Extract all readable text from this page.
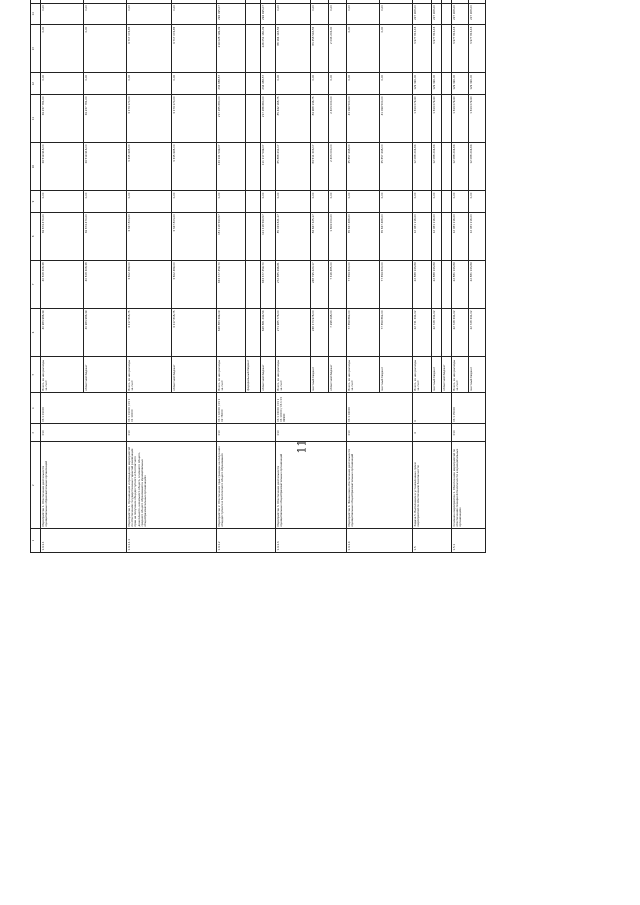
11
1	2	3	4	5	6	7	8	9	10	11	12	13	14											
1.4.1.1	Мероприятие 1. Обеспечение деятельности муниципальных образовательных организаций	010	03 1 01000	Всего, из них расходы за счет:	40 983 986,39	40 508 308,38	39 674 470,00	0,00	39 519 916,00	39 237 781,00	0,00	0,00	0,00											
				областной бюджет	40 983 986,39	40 508 308,38	39 674 470,00	0,00	39 519 916,00	39 237 781,00	0,00	0,00	0,00	
1.4.1.1.1	Мероприятие 1. Организация и проведение мероприятий по обеспечению государственных гарантий реализации прав на получение общедоступного и бесплатного дошкольного, начального общего, основного общего, среднего общего образования в муниципальных общеобразовательных организациях	010	03 1 01000 / 03 1 01 10000	Всего, из них расходы за счет:	4 117 818,75	3 602 489,00	3 337 803,00	0,00	3 335 995,00	3 174 170,00	0,00	4 717 074,65	0,00											
				областной бюджет	4 117 818,75	3 602 489,00	3 337 803,00	0,00	3 335 995,00	3 174 170,00	0,00	4 717 074,65	0,00	
1.4.1.2	Мероприятие 2. Обеспечение прав граждан на получение общедоступного и бесплатного общего образования	010	03 1 02000 / 03 1 02 76000	Всего, из них расходы за счет:	628 883 399,09	633 377 459,70	151 118 590,57	0,00	134 141 549,07	217 285 680,00	233 888,57	219 028 199,09	294 095,07											
				федеральный бюджет																				
				областной бюджет	628 881 242,54	633 377 459,70	111 118 590,57	0,00	111 117 549,07	217 286 660,00	234 456,57	226 051 160,09	294 495,07	
1.4.1.3	Мероприятие 3. Обеспечение деятельности муниципальных общеобразовательных организаций	010	03 1 03000 / 03 1 03 10000 / 03 1 03 99990	Всего, из них расходы за счет:	271 985 776,00	272 885 296,81	85 033 821,17	0,00	85 888 431,17	85 442 168,75	0,00	88 164 118,55	0,00											
				местный бюджет	248 173 978,00	248 795 220,17	84 647 325,17	0,00	84 511 303,17	84 968 136,75	0,00	83 358 516,55	0,00	
				областной бюджет	7 298 298,00	7 316 485,00	1 609 000,00	0,00	2 403 000,00	2 403 000,00	0,00	2 043 203,00	0,00	
1.4.1.4	Мероприятие 4. Финансовое обеспечение деятельности муниципальных общеобразовательных организаций	010	03 1 04000	Всего, из них расходы за счет:	77 659 862,00	77 659 600,00	35 637 468,00	0,00	35 657 448,00	41 099 500,00	0,00	0,00	0,00											
				местный бюджет	77 659 862,00	77 659 600,00	35 637 468,00	0,00	35 657 448,00	41 099 500,00	0,00	0,00	0,00	
1.5	Задача 5. Выполнение в установленные сроки мероприятий по обеспечению безопасности	Х	Х	Всего, из них расходы за счет:	22 731 341,02	22 888 143,89	12 081 116,00	0,00	12 088 204,64	1 614 079,90	129 390,00	3 977 813,16	227 908,00											
				местный бюджет	22 728 341,02	22 888 143,89	12 081 116,00	0,00	12 088 204,64	1 614 079,90	129 390,00	3 977 813,16	227 908,00	
				областной бюджет																				
1.5.1	Основное мероприятие 1. Обеспечение мероприятий по обеспечению пожарной безопасности в муниципальных организациях	010	03 1 05000	Всего, из них расходы за счет:	22 728 341,02	22 881 143,89	12 081 116,00	0,00	12 088 204,64	1 614 079,90	129 390,00	3 977 813,16	227 908,00											
				местный бюджет	22 728 341,02	22 881 143,89	12 081 116,00	0,00	12 088 204,64	1 614 079,90	129 390,00	3 977 813,16	227 908,00	
